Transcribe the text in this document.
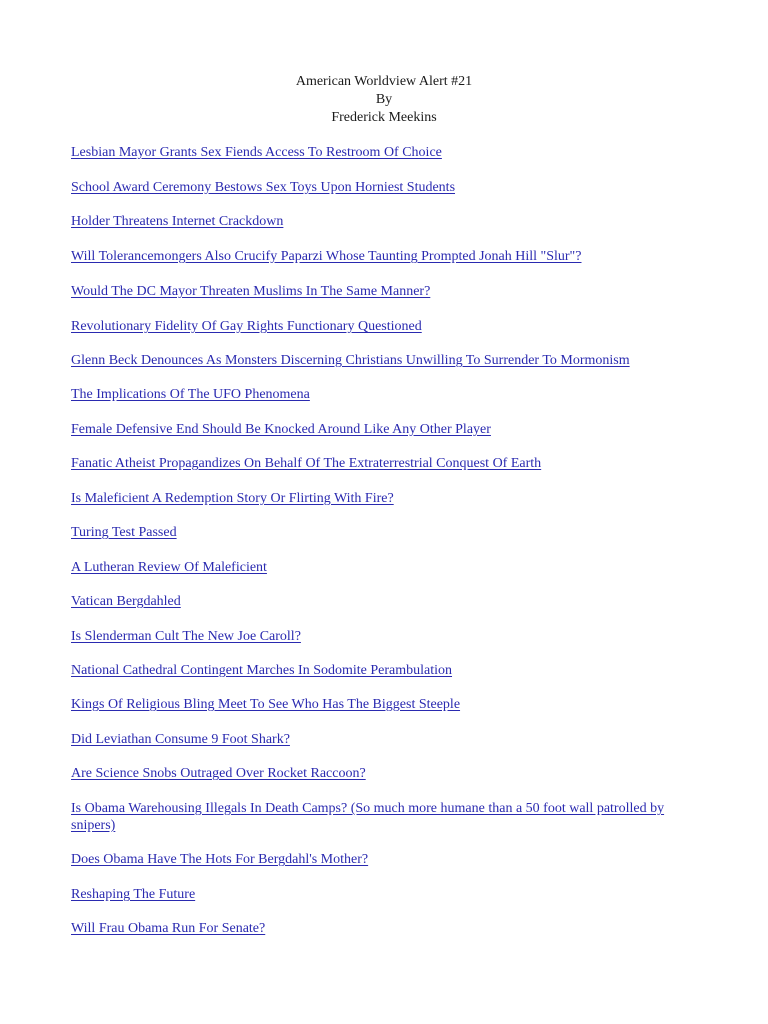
American Worldview Alert #21
By
Frederick Meekins
Lesbian Mayor Grants Sex Fiends Access To Restroom Of Choice
School Award Ceremony Bestows Sex Toys Upon Horniest Students
Holder Threatens Internet Crackdown
Will Tolerancemongers Also Crucify Paparzi Whose Taunting Prompted Jonah Hill "Slur"?
Would The DC Mayor Threaten Muslims In The Same Manner?
Revolutionary Fidelity Of Gay Rights Functionary Questioned
Glenn Beck Denounces As Monsters Discerning Christians Unwilling To Surrender To Mormonism
The Implications Of The UFO Phenomena
Female Defensive End Should Be Knocked Around Like Any Other Player
Fanatic Atheist Propagandizes On Behalf Of The Extraterrestrial Conquest Of Earth
Is Maleficient A Redemption Story Or Flirting With Fire?
Turing Test Passed
A Lutheran Review Of Maleficient
Vatican Bergdahled
Is Slenderman Cult The New Joe Caroll?
National Cathedral Contingent Marches In Sodomite Perambulation
Kings Of Religious Bling Meet To See Who Has The Biggest Steeple
Did Leviathan Consume 9 Foot Shark?
Are Science Snobs Outraged Over Rocket Raccoon?
Is Obama Warehousing Illegals In Death Camps? (So much more humane than a 50 foot wall patrolled by snipers)
Does Obama Have The Hots For Bergdahl's Mother?
Reshaping The Future
Will Frau Obama Run For Senate?
